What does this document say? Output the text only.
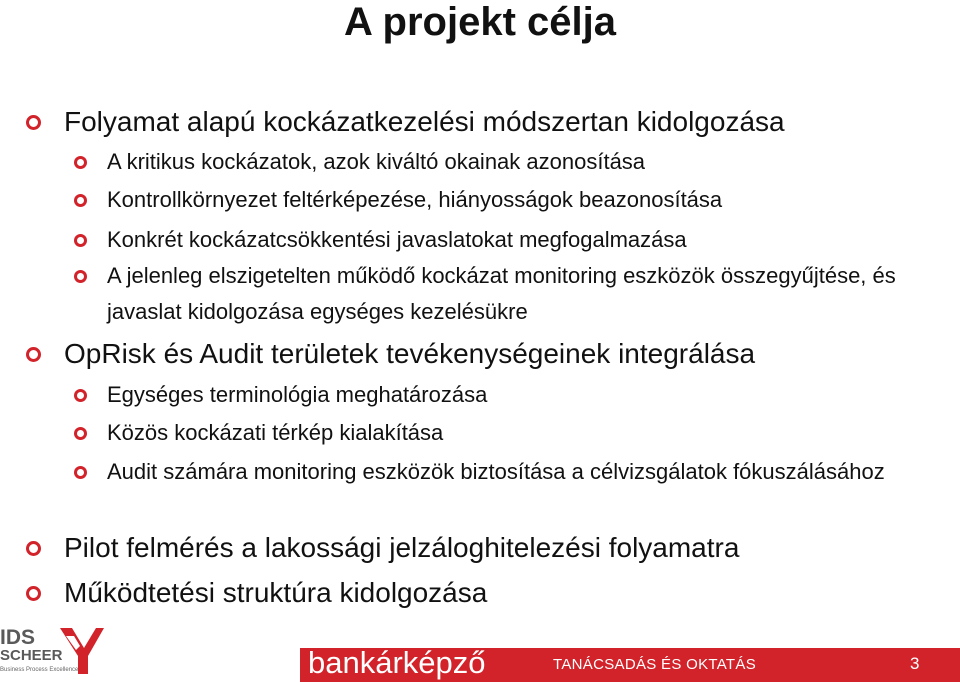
A projekt célja
Folyamat alapú kockázatkezelési módszertan kidolgozása
A kritikus kockázatok, azok kiváltó okainak azonosítása
Kontrollkörnyezet feltérképezése, hiányosságok beazonosítása
Konkrét kockázatcsökkentési javaslatokat megfogalmazása
A jelenleg elszigetelten működő kockázat monitoring eszközök összegyűjtése, és javaslat kidolgozása egységes kezelésükre
OpRisk és Audit területek tevékenységeinek integrálása
Egységes terminológia meghatározása
Közös kockázati térkép kialakítása
Audit számára monitoring eszközök biztosítása a célvizsgálatok fókuszálásához
Pilot felmérés a lakossági jelzáloghitelezési folyamatra
Működtetési struktúra kidolgozása
IDS
SCHEER
Business Process Excellence	bankárképző	TANÁCSADÁS ÉS OKTATÁS	3
